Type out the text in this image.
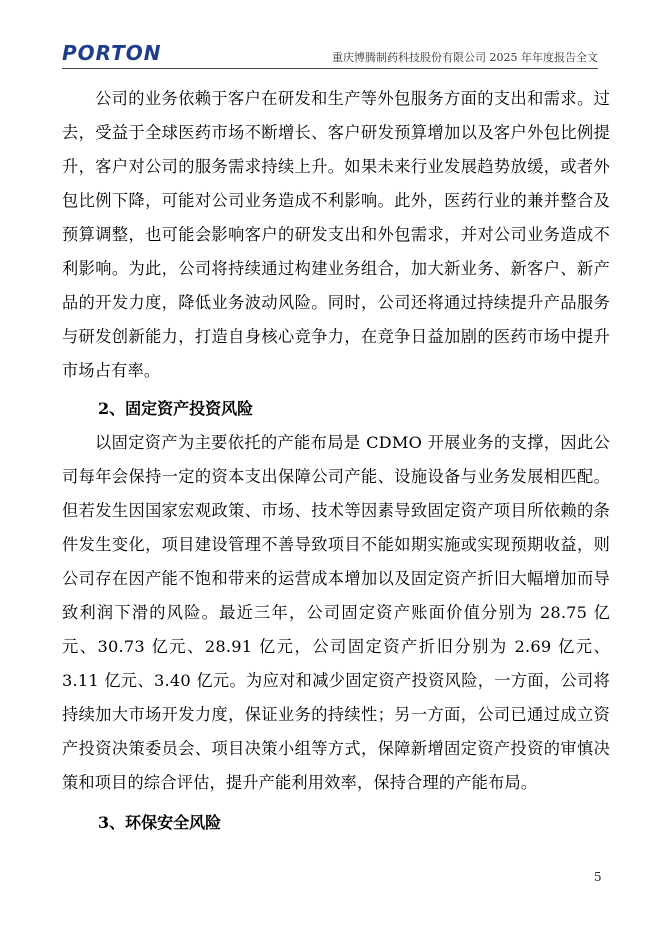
PORTON	重庆博腾制药科技股份有限公司 2025 年年度报告全文

公司的业务依赖于客户在研发和生产等外包服务方面的支出和需求。过去，受益于全球医药市场不断增长、客户研发预算增加以及客户外包比例提升，客户对公司的服务需求持续上升。如果未来行业发展趋势放缓，或者外包比例下降，可能对公司业务造成不利影响。此外，医药行业的兼并整合及预算调整，也可能会影响客户的研发支出和外包需求，并对公司业务造成不利影响。为此，公司将持续通过构建业务组合，加大新业务、新客户、新产品的开发力度，降低业务波动风险。同时，公司还将通过持续提升产品服务与研发创新能力，打造自身核心竞争力，在竞争日益加剧的医药市场中提升市场占有率。

2、固定资产投资风险

以固定资产为主要依托的产能布局是 CDMO 开展业务的支撑，因此公司每年会保持一定的资本支出保障公司产能、设施设备与业务发展相匹配。但若发生因国家宏观政策、市场、技术等因素导致固定资产项目所依赖的条件发生变化，项目建设管理不善导致项目不能如期实施或实现预期收益，则公司存在因产能不饱和带来的运营成本增加以及固定资产折旧大幅增加而导致利润下滑的风险。最近三年，公司固定资产账面价值分别为 28.75 亿元、30.73 亿元、28.91 亿元，公司固定资产折旧分别为 2.69 亿元、3.11 亿元、3.40 亿元。为应对和减少固定资产投资风险，一方面，公司将持续加大市场开发力度，保证业务的持续性；另一方面，公司已通过成立资产投资决策委员会、项目决策小组等方式，保障新增固定资产投资的审慎决策和项目的综合评估，提升产能利用效率，保持合理的产能布局。

3、环保安全风险
5
